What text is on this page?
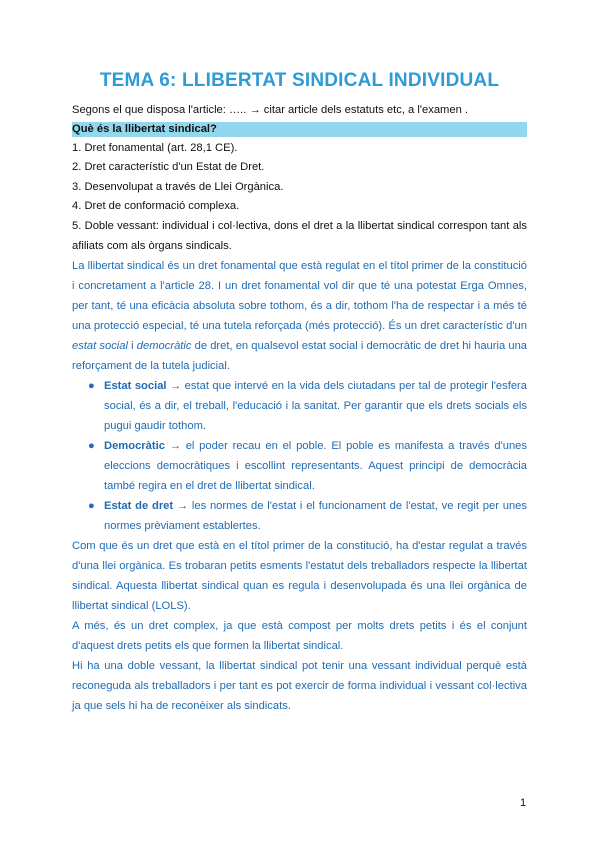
TEMA 6: LLIBERTAT SINDICAL INDIVIDUAL

Segons el que disposa l'article: ….. → citar article dels estatuts etc, a l'examen .

Què és la llibertat sindical?

1. Dret fonamental (art. 28,1 CE).

2. Dret característic d'un Estat de Dret.

3. Desenvolupat a través de Llei Orgànica.

4. Dret de conformació complexa.

5. Doble vessant: individual i col·lectiva, dons el dret a la llibertat sindical correspon tant als afiliats com als òrgans sindicals.

La llibertat sindical és un dret fonamental que està regulat en el títol primer de la constitució i concretament a l'article 28. I un dret fonamental vol dir que té una potestat Erga Omnes, per tant, té una eficàcia absoluta sobre tothom, és a dir, tothom l'ha de respectar i a més té una protecció especial, té una tutela reforçada (més protecció). És un dret característic d'un estat social i democràtic de dret, en qualsevol estat social i democràtic de dret hi hauria una reforçament de la tutela judicial.

● Estat social → estat que intervé en la vida dels ciutadans per tal de protegir l'esfera social, és a dir, el treball, l'educació i la sanitat. Per garantir que els drets socials els pugui gaudir tothom.
● Democràtic → el poder recau en el poble. El poble es manifesta a través d'unes eleccions democràtiques i escollint representants. Aquest principi de democràcia també regira en el dret de llibertat sindical.
● Estat de dret → les normes de l'estat i el funcionament de l'estat, ve regit per unes normes prèviament establertes.

Com que és un dret que està en el títol primer de la constitució, ha d'estar regulat a través d'una llei orgànica. Es trobaran petits esments l'estatut dels treballadors respecte la llibertat sindical. Aquesta llibertat sindical quan es regula i desenvolupada és una llei orgànica de llibertat sindical (LOLS).

A més, és un dret complex, ja que està compost per molts drets petits i és el conjunt d'aquest drets petits els que formen la llibertat sindical.

Hi ha una doble vessant, la llibertat sindical pot tenir una vessant individual perquè està reconeguda als treballadors i per tant es pot exercir de forma individual i vessant col·lectiva ja que sels hi ha de reconèixer als sindicats.

1
